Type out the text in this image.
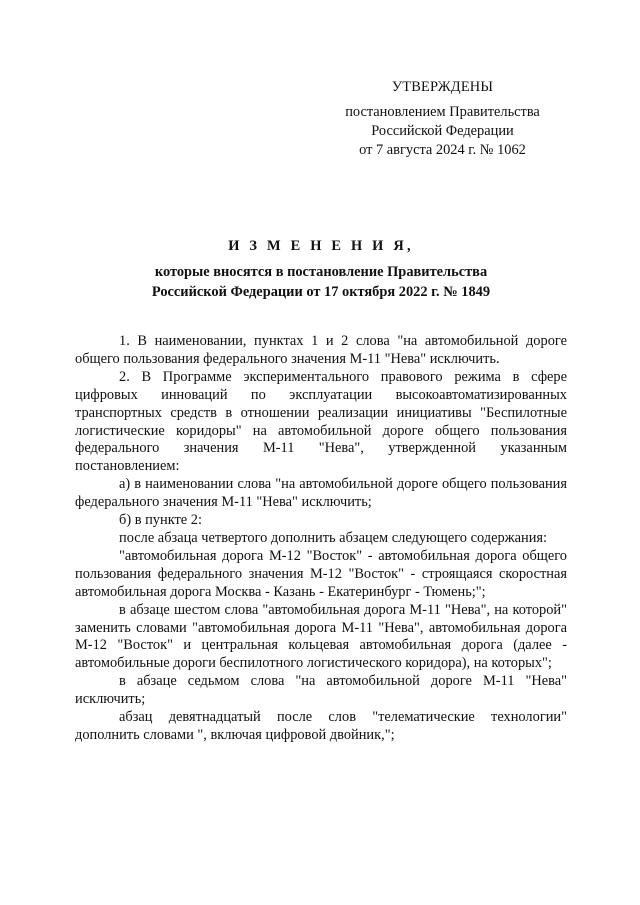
УТВЕРЖДЕНЫ
постановлением Правительства
Российской Федерации
от 7 августа 2024 г. № 1062
И З М Е Н Е Н И Я,
которые вносятся в постановление Правительства
Российской Федерации от 17 октября 2022 г. № 1849

1. В наименовании, пунктах 1 и 2 слова "на автомобильной дороге общего пользования федерального значения М-11 "Нева" исключить.

2. В Программе экспериментального правового режима в сфере цифровых инноваций по эксплуатации высокоавтоматизированных транспортных средств в отношении реализации инициативы "Беспилотные логистические коридоры" на автомобильной дороге общего пользования федерального значения М-11 "Нева", утвержденной указанным постановлением:

а) в наименовании слова "на автомобильной дороге общего пользования федерального значения М-11 "Нева" исключить;

б) в пункте 2:

после абзаца четвертого дополнить абзацем следующего содержания:

"автомобильная дорога М-12 "Восток" - автомобильная дорога общего пользования федерального значения М-12 "Восток" - строящаяся скоростная автомобильная дорога Москва - Казань - Екатеринбург - Тюмень;";

в абзаце шестом слова "автомобильная дорога М-11 "Нева", на которой" заменить словами "автомобильная дорога М-11 "Нева", автомобильная дорога М-12 "Восток" и центральная кольцевая автомобильная дорога (далее - автомобильные дороги беспилотного логистического коридора), на которых";

в абзаце седьмом слова "на автомобильной дороге М-11 "Нева" исключить;

абзац девятнадцатый после слов "телематические технологии" дополнить словами ", включая цифровой двойник,";
